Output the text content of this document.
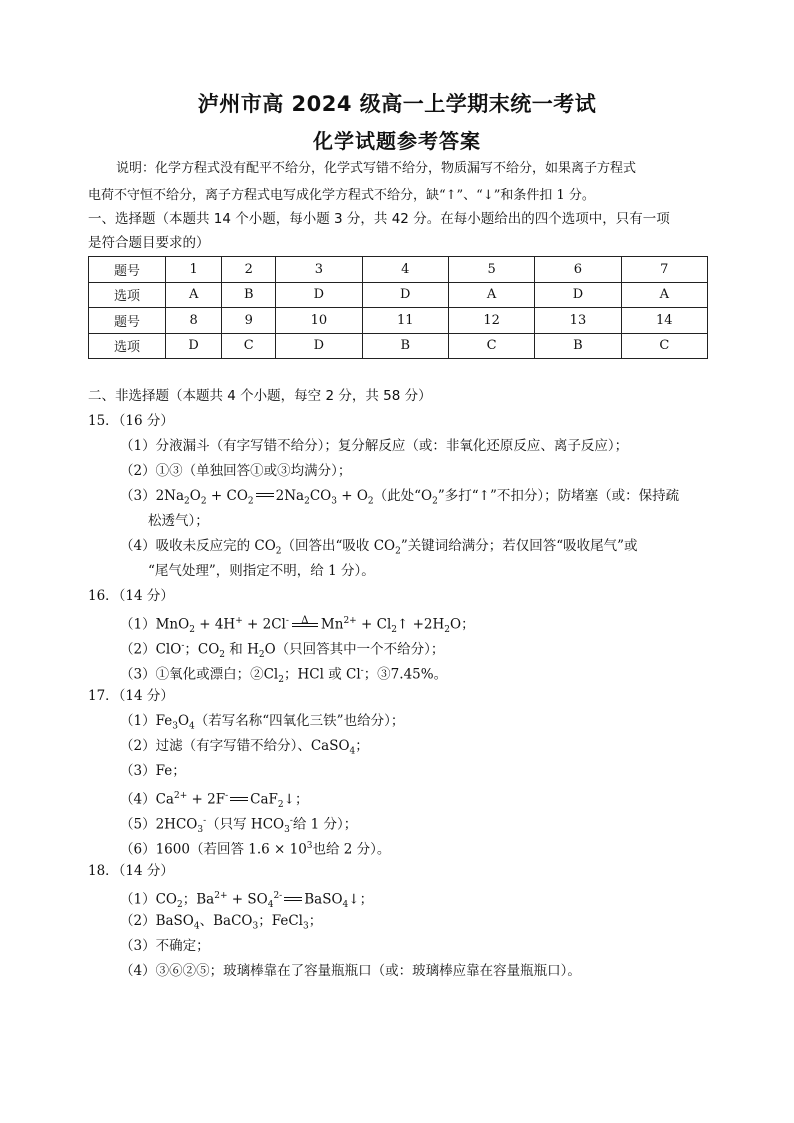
泸州市高 2024 级高一上学期末统一考试
化学试题参考答案

说明：化学方程式没有配平不给分，化学式写错不给分，物质漏写不给分，如果离子方程式

电荷不守恒不给分，离子方程式电写成化学方程式不给分，缺“↑”、“↓”和条件扣 1 分。

一、选择题（本题共 14 个小题，每小题 3 分，共 42 分。在每小题给出的四个选项中，只有一项
是符合题目要求的）
题号	1	2	3	4	5	6	7
选项	A	B	D	D	A	D	A
题号	8	9	10	11	12	13	14
选项	D	C	D	B	C	B	C
二、非选择题（本题共 4 个小题，每空 2 分，共 58 分）
15．（16 分）
（1）分液漏斗（有字写错不给分）；复分解反应（或：非氧化还原反应、离子反应）；
（2）①③（单独回答①或③均满分）；
$(3)2Na_2O_2 + CO_2$ $2Na_2CO_3 + O_2$（此处“$O_2$”多打“↑”不扣分）；防堵塞（或：保持疏
松透气）；
（4）吸收未反应完的 $CO_2$（回答出“吸收 $CO_2$”关键词给满分；若仅回答“吸收尾气”或
“尾气处理”，则指定不明，给 1 分）。
16．（14 分）
（1）MnO$_2$ + 4H+ + 2Cl-	Δ $Mn^{2+}$ + $Cl_2↑ +2H_2O$；
（2）ClO-；$CO_2$ 和 $H_2O$（只回答其中一个不给分）；
（3）①氧化或漂白；$②Cl_2$；HCl 或 Cl-；③7.45%。
17．（14 分）
$(1)Fe_3O_4$（若写名称“四氧化三铁”也给分）；
（2）过滤（有字写错不给分）、CaSO$_4$；
（3）Fe；
$(4)Ca^{2+} + 2F^-$ CaF$_2$↓；
$(5)2HCO_3^-$（只写 $HCO_3^-$给 1 分）；
（6）1600（若回答 $1.6 \times 10^3$也给 2 分）。
18．（14 分）
$(1)CO_2$；$Ba^{2+} + SO_4^{2-}$ BaSO$_4$↓；
（2）BaSO$_4$、BaCO$_3$；FeCl$_3$；
（3）不确定；
（4）③⑥②⑤；玻璃棒靠在了容量瓶瓶口（或：玻璃棒应靠在容量瓶瓶口）。
